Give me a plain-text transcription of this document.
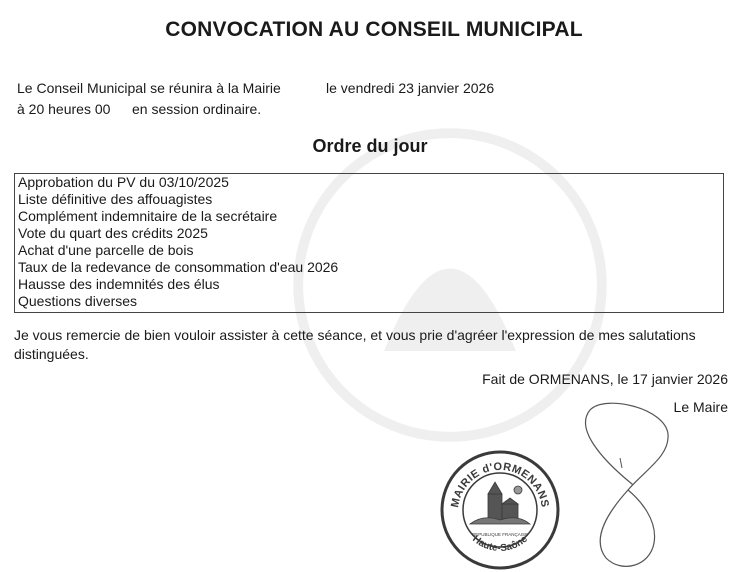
CONVOCATION AU CONSEIL MUNICIPAL
Le Conseil Municipal se réunira à la Mairie	le vendredi 23 janvier 2026
à 20 heures 00 en session ordinaire.
Ordre du jour
Approbation du PV du 03/10/2025
Liste définitive des affouagistes
Complément indemnitaire de la secrétaire
Vote du quart des crédits 2025
Achat d'une parcelle de bois
Taux de la redevance de consommation d'eau 2026
Hausse des indemnités des élus
Questions diverses
Je vous remercie de bien vouloir assister à cette séance, et vous prie d'agréer l'expression de mes salutations distinguées.
Fait de ORMENANS, le 17 janvier 2026
Le Maire
MAIRIE d'ORMENANS
Haute-Saône
REPUBLIQUE FRANÇAISE
